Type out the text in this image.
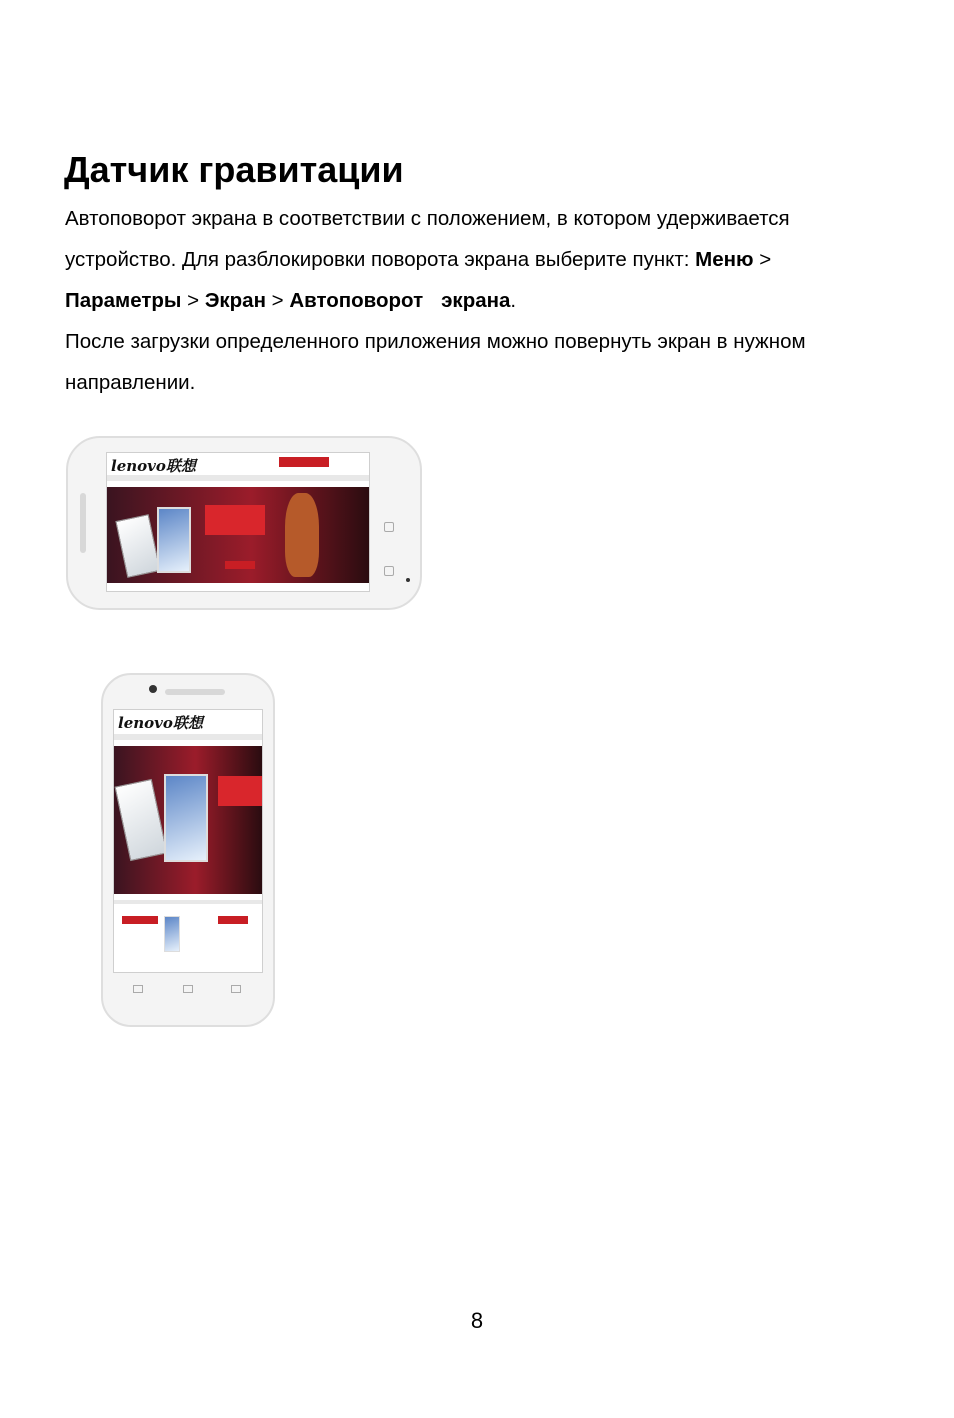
Датчик гравитации

Автоповорот экрана в соответствии с положением, в котором удерживается
устройство. Для разблокировки поворота экрана выберите пункт: Меню >
Параметры > Экран > Автоповорот экрана.

После загрузки определенного приложения можно повернуть экран в нужном
направлении.

lenovo联想
lenovo联想
8
